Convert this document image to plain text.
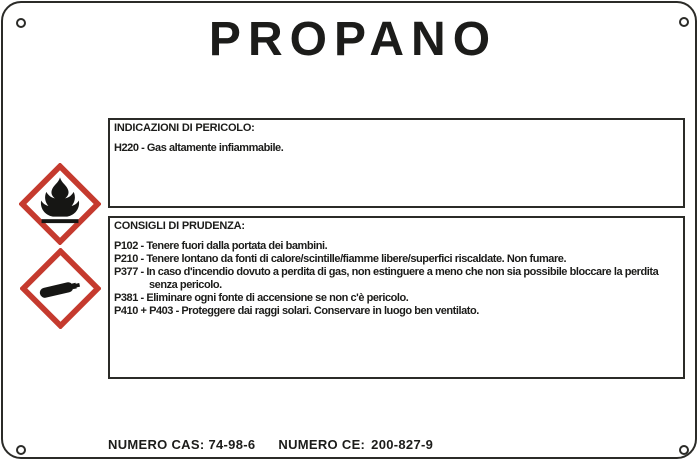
PROPANO
INDICAZIONI DI PERICOLO:
H220 - Gas altamente infiammabile.
CONSIGLI DI PRUDENZA:
P102 - Tenere fuori dalla portata dei bambini.
P210 - Tenere lontano da fonti di calore/scintille/fiamme libere/superfici riscaldate. Non fumare.
P377 - In caso d'incendio dovuto a perdita di gas, non estinguere a meno che non sia possibile bloccare la perdita senza pericolo.
P381 - Eliminare ogni fonte di accensione se non c'è pericolo.
P410 + P403 - Proteggere dai raggi solari. Conservare in luogo ben ventilato.
NUMERO CAS: 74-98-6 NUMERO CE: 200-827-9
